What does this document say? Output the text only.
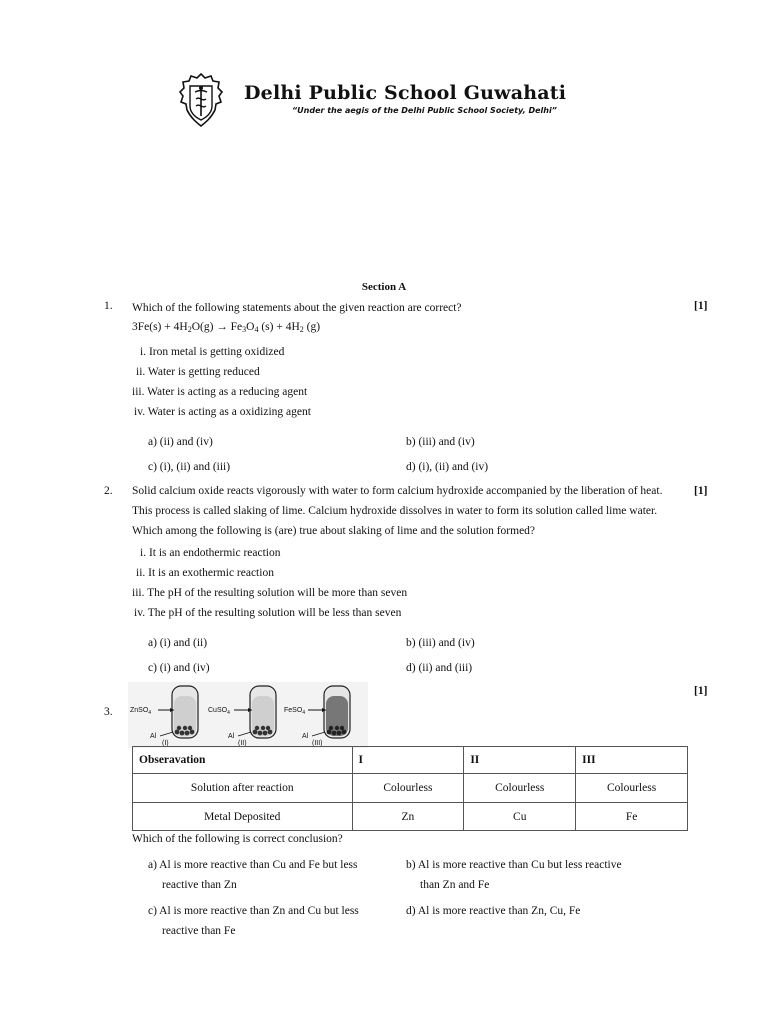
Delhi Public School Guwahati
“Under the aegis of the Delhi Public School Society, Delhi”
Section A
1. Which of the following statements about the given reaction are correct?	[1]
$3Fe(s) + 4H_2O(g) \to Fe_3O_4$ $(s) + 4H_2$ (g)
i. Iron metal is getting oxidized
ii. Water is getting reduced
iii. Water is acting as a reducing agent
iv. Water is acting as a oxidizing agent
a) (ii) and (iv)	b) (iii) and (iv)
c) (i), (ii) and (iii)	d) (i), (ii) and (iv)
2. Solid calcium oxide reacts vigorously with water to form calcium hydroxide accompanied by the liberation of heat. This process is called slaking of lime. Calcium hydroxide dissolves in water to form its solution called lime water. Which among the following is (are) true about slaking of lime and the solution formed?
[1]
i. It is an endothermic reaction
ii. It is an exothermic reaction
iii. The pH of the resulting solution will be more than seven
iv. The pH of the resulting solution will be less than seven
a) (i) and (ii)	b) (iii) and (iv)
c) (i) and (iv)	d) (ii) and (iii)
3.
[1]
ZnSO$_4$
Al
(I)
CuSO$_4$
Al
(II)
FeSO$_4$
Al
(III)
Obseravation	I	II	III
Solution after reaction	Colourless	Colourless	Colourless
Metal Deposited	Zn	Cu	Fe
Which of the following is correct conclusion?
a) Al is more reactive than Cu and Fe but less
reactive than Zn
b) Al is more reactive than Cu but less reactive
than Zn and Fe
c) Al is more reactive than Zn and Cu but less
reactive than Fe
d) Al is more reactive than Zn, Cu, Fe
